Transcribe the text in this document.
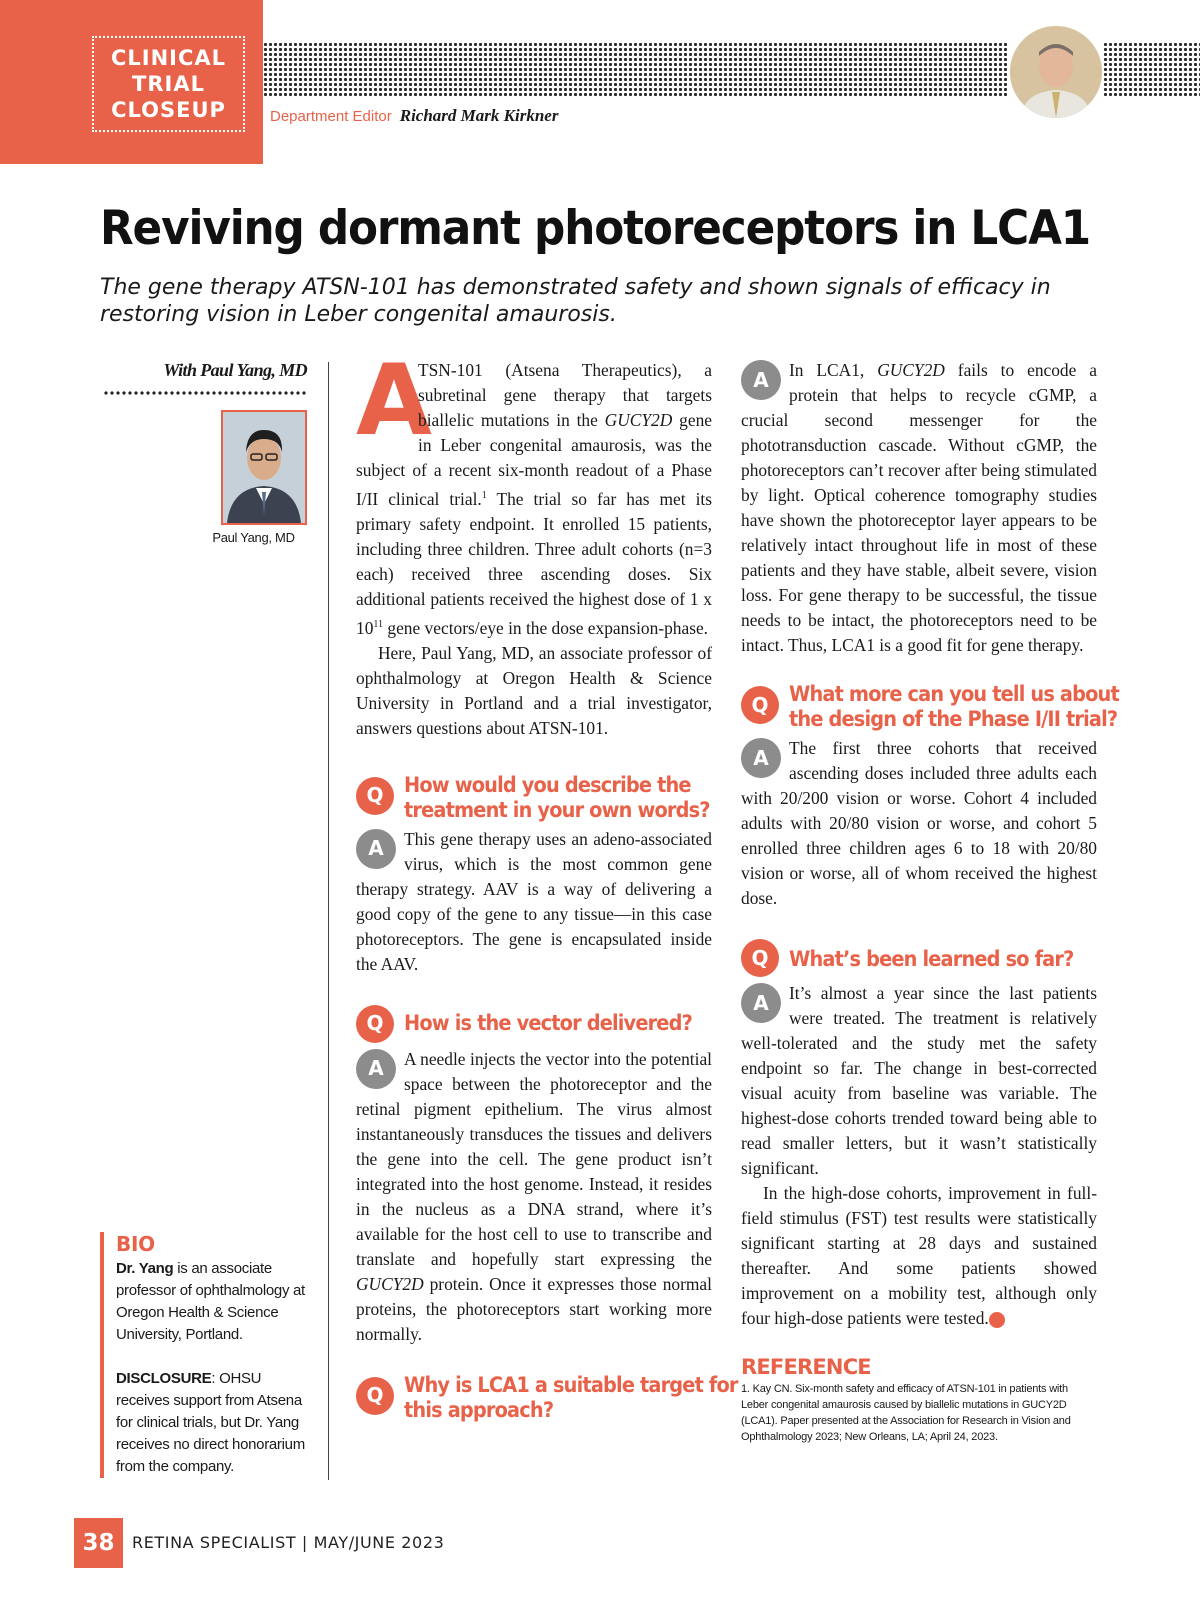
CLINICAL
TRIAL
CLOSEUP	Department Editor Richard Mark Kirkner
Reviving dormant photoreceptors in LCA1
The gene therapy ATSN-101 has demonstrated safety and shown signals of efficacy in restoring vision in Leber congenital amaurosis.
With Paul Yang, MD
Paul Yang, MD
BIO
Dr. Yang is an associate professor of ophthalmology at Oregon Health & Science University, Portland.
DISCLOSURE: OHSU receives support from Atsena for clinical trials, but Dr. Yang receives no direct honorarium from the company.

A
TSN-101 (Atsena Therapeutics), a subretinal gene therapy that targets biallelic mutations in the GUCY2D gene in Leber congenital amaurosis, was the subject of a recent six-month readout of a Phase I/II clinical trial.$^1$ The trial so far has met its primary safety endpoint. It enrolled 15 patients, including three children. Three adult cohorts (n=3 each) received three ascending doses. Six additional patients received the highest dose of 1 x $10^{11}$ gene vectors/eye in the dose expansion-phase.

Here, Paul Yang, MD, an associate professor of ophthalmology at Oregon Health & Science University in Portland and a trial investigator, answers questions about ATSN-101.

Q How would you describe the
treatment in your own words?

A	This gene therapy uses an adeno-associated virus, which is the most common gene therapy strategy. AAV is a way of delivering a good copy of the gene to any tissue—in this case photoreceptors. The gene is encapsulated inside the AAV.

Q How is the vector delivered?

A	A needle injects the vector into the potential space between the photoreceptor and the retinal pigment epithelium. The virus almost instantaneously transduces the tissues and delivers the gene into the cell. The gene product isn’t integrated into the host genome. Instead, it resides in the nucleus as a DNA strand, where it’s available for the host cell to use to transcribe and translate and hopefully start expressing the GUCY2D protein. Once it expresses those normal proteins, the photoreceptors start working more normally.

Q Why is LCA1 a suitable target for
this approach?

A	In LCA1, GUCY2D fails to encode a protein that helps to recycle cGMP, a crucial second messenger for the phototransduction cascade. Without cGMP, the photoreceptors can’t recover after being stimulated by light. Optical coherence tomography studies have shown the photoreceptor layer appears to be relatively intact throughout life in most of these patients and they have stable, albeit severe, vision loss. For gene therapy to be successful, the tissue needs to be intact, the photoreceptors need to be intact. Thus, LCA1 is a good fit for gene therapy.

Q What more can you tell us about
the design of the Phase I/II trial?

A	The first three cohorts that received ascending doses included three adults each with 20/200 vision or worse. Cohort 4 included adults with 20/80 vision or worse, and cohort 5 enrolled three children ages 6 to 18 with 20/80 vision or worse, all of whom received the highest dose.

Q What’s been learned so far?

A	It’s almost a year since the last patients were treated. The treatment is relatively well-tolerated and the study met the safety endpoint so far. The change in best-corrected visual acuity from baseline was variable. The highest-dose cohorts trended toward being able to read smaller letters, but it wasn’t statistically significant.

In the high-dose cohorts, improvement in full-field stimulus (FST) test results were statistically significant starting at 28 days and sustained thereafter. And some patients showed improvement on a mobility test, although only four high-dose patients were tested.	RS

REFERENCE
1. Kay CN. Six-month safety and efficacy of ATSN-101 in patients with Leber congenital amaurosis caused by biallelic mutations in GUCY2D (LCA1). Paper presented at the Association for Research in Vision and Ophthalmology 2023; New Orleans, LA; April 24, 2023.
38	RETINA SPECIALIST | MAY/JUNE 2023
